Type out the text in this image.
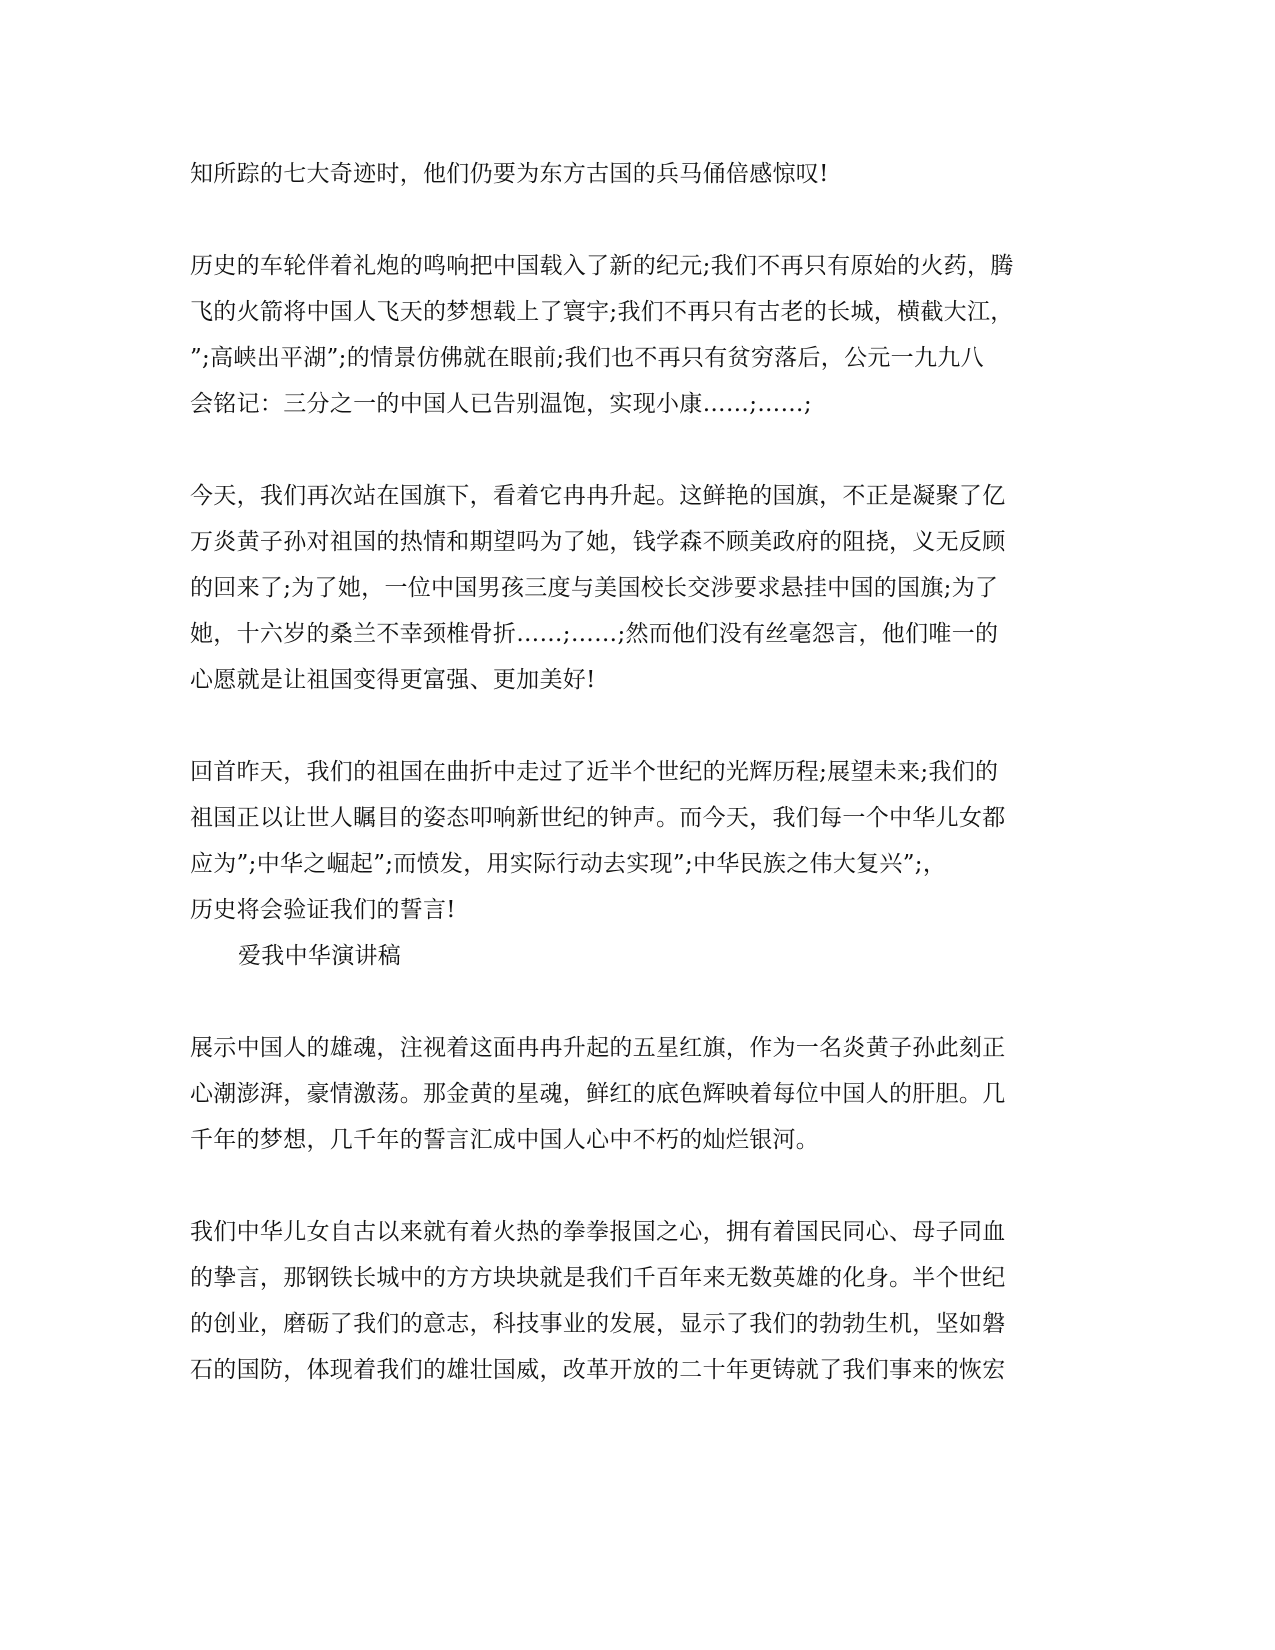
知所踪的七大奇迹时，他们仍要为东方古国的兵马俑倍感惊叹!
历史的车轮伴着礼炮的鸣响把中国载入了新的纪元;我们不再只有原始的火药，腾
飞的火箭将中国人飞天的梦想载上了寰宇;我们不再只有古老的长城，横截大江，
”;高峡出平湖”;的情景仿佛就在眼前;我们也不再只有贫穷落后，公元一九九八
会铭记：三分之一的中国人已告别温饱，实现小康……;……;
今天，我们再次站在国旗下，看着它冉冉升起。这鲜艳的国旗，不正是凝聚了亿
万炎黄子孙对祖国的热情和期望吗为了她，钱学森不顾美政府的阻挠，义无反顾
的回来了;为了她，一位中国男孩三度与美国校长交涉要求悬挂中国的国旗;为了
她，十六岁的桑兰不幸颈椎骨折……;……;然而他们没有丝毫怨言，他们唯一的
心愿就是让祖国变得更富强、更加美好!
回首昨天，我们的祖国在曲折中走过了近半个世纪的光辉历程;展望未来;我们的
祖国正以让世人瞩目的姿态叩响新世纪的钟声。而今天，我们每一个中华儿女都
应为”;中华之崛起”;而愤发，用实际行动去实现”;中华民族之伟大复兴”;，
历史将会验证我们的誓言!
爱我中华演讲稿
展示中国人的雄魂，注视着这面冉冉升起的五星红旗，作为一名炎黄子孙此刻正
心潮澎湃，豪情激荡。那金黄的星魂，鲜红的底色辉映着每位中国人的肝胆。几
千年的梦想，几千年的誓言汇成中国人心中不朽的灿烂银河。
我们中华儿女自古以来就有着火热的拳拳报国之心，拥有着国民同心、母子同血
的挚言，那钢铁长城中的方方块块就是我们千百年来无数英雄的化身。半个世纪
的创业，磨砺了我们的意志，科技事业的发展，显示了我们的勃勃生机，坚如磐
石的国防，体现着我们的雄壮国威，改革开放的二十年更铸就了我们事来的恢宏
